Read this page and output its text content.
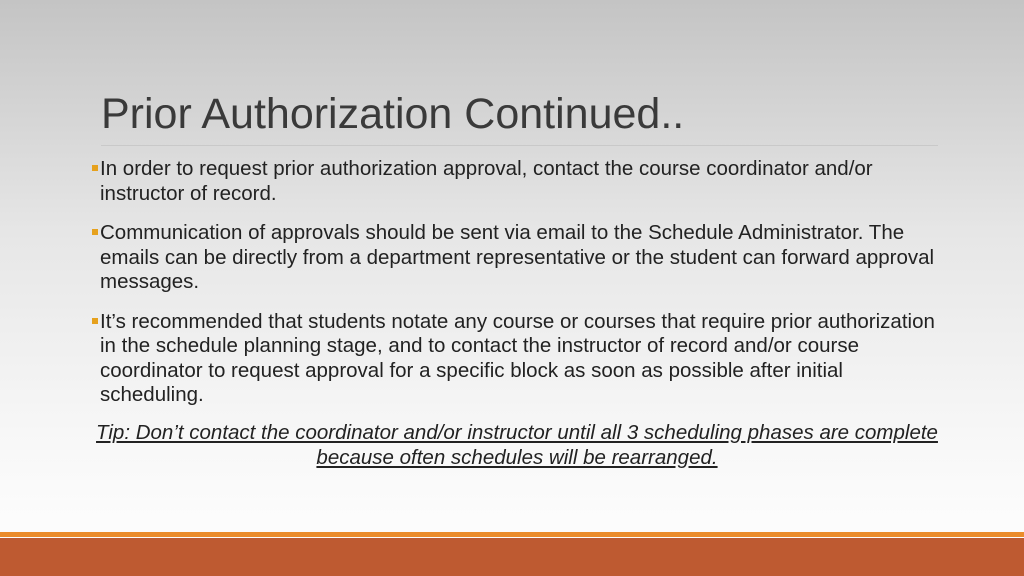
Prior Authorization Continued..
In order to request prior authorization approval, contact the course coordinator and/or instructor of record.
Communication of approvals should be sent via email to the Schedule Administrator. The emails can be directly from a department representative or the student can forward approval messages.
It’s recommended that students notate any course or courses that require prior authorization in the schedule planning stage, and to contact the instructor of record and/or course coordinator to request approval for a specific block as soon as possible after initial scheduling.
Tip: Don’t contact the coordinator and/or instructor until all 3 scheduling phases are complete because often schedules will be rearranged.
